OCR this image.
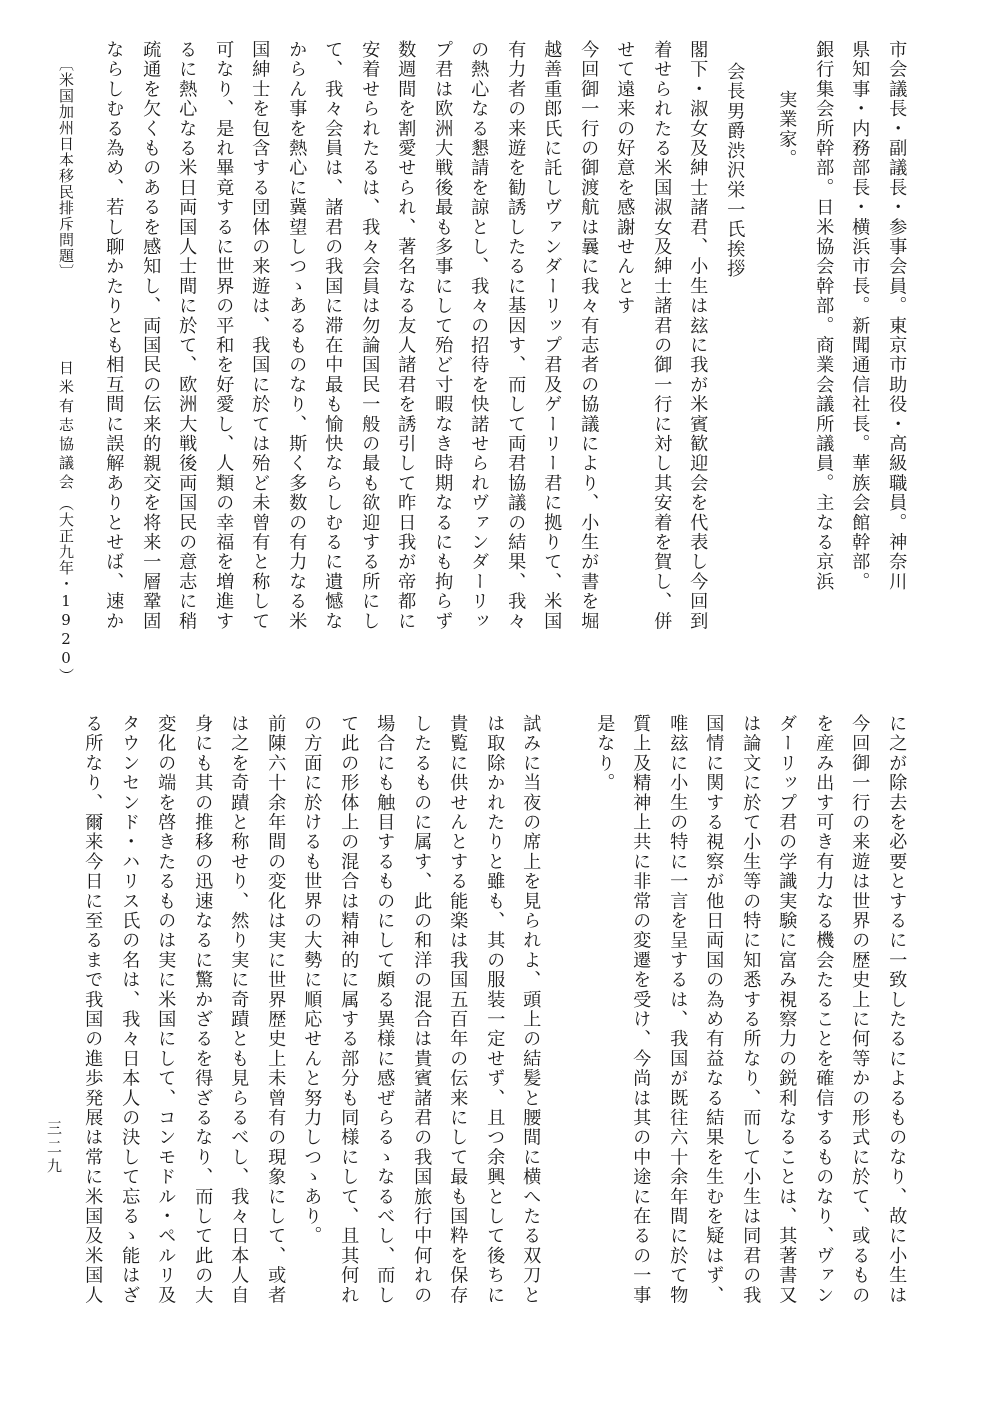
市会議長・副議長・参事会員。東京市助役・高級職員。神奈川
県知事・内務部長・横浜市長。新聞通信社長。華族会館幹部。
銀行集会所幹部。日米協会幹部。商業会議所議員。主なる京浜
実業家。
会長男爵渋沢栄一氏挨拶
閣下・淑女及紳士諸君、小生は玆に我が米賓歓迎会を代表し今回到
着せられたる米国淑女及紳士諸君の御一行に対し其安着を賀し、併
せて遠来の好意を感謝せんとす
今回御一行の御渡航は曩に我々有志者の協議により、小生が書を堀
越善重郎氏に託しヴァンダーリップ君及ゲーリー君に拠りて、米国
有力者の来遊を勧誘したるに基因す、而して両君協議の結果、我々
の熱心なる懇請を諒とし、我々の招待を快諾せられヴァンダーリッ
プ君は欧洲大戦後最も多事にして殆ど寸暇なき時期なるにも拘らず
数週間を割愛せられ、著名なる友人諸君を誘引して昨日我が帝都に
安着せられたるは、我々会員は勿論国民一般の最も欲迎する所にし
て、我々会員は、諸君の我国に滞在中最も愉快ならしむるに遺憾な
からん事を熱心に冀望しつゝあるものなり、斯く多数の有力なる米
国紳士を包含する団体の来遊は、我国に於ては殆ど未曾有と称して
可なり、是れ畢竟するに世界の平和を好愛し、人類の幸福を増進す
るに熱心なる米日両国人士間に於て、欧洲大戦後両国民の意志に稍
疏通を欠くものあるを感知し、両国民の伝来的親交を将来一層鞏固
ならしむる為め、若し聊かたりとも相互間に誤解ありとせば、速か
〔米国加州日本移民排斥問題〕
日米有志協議会
（大正九年・1920）
に之が除去を必要とするに一致したるによるものなり、故に小生は
今回御一行の来遊は世界の歴史上に何等かの形式に於て、或るもの
を産み出す可き有力なる機会たることを確信するものなり、ヴァン
ダーリップ君の学識実験に富み視察力の鋭利なることは、其著書又
は論文に於て小生等の特に知悉する所なり、而して小生は同君の我
国情に関する視察が他日両国の為め有益なる結果を生むを疑はず、
唯玆に小生の特に一言を呈するは、我国が既往六十余年間に於て物
質上及精神上共に非常の変遷を受け、今尚は其の中途に在るの一事
是なり。
試みに当夜の席上を見られよ、頭上の結髪と腰間に横へたる双刀と
は取除かれたりと雖も、其の服装一定せず、且つ余興として後ちに
貴覧に供せんとする能楽は我国五百年の伝来にして最も国粋を保存
したるものに属す、此の和洋の混合は貴賓諸君の我国旅行中何れの
場合にも触目するものにして頗る異様に感ぜらるゝなるべし、而し
て此の形体上の混合は精神的に属する部分も同様にして、且其何れ
の方面に於けるも世界の大勢に順応せんと努力しつゝあり。
前陳六十余年間の変化は実に世界歴史上未曾有の現象にして、或者
は之を奇蹟と称せり、然り実に奇蹟とも見らるべし、我々日本人自
身にも其の推移の迅速なるに驚かざるを得ざるなり、而して此の大
変化の端を啓きたるものは実に米国にして、コンモドル・ペルリ及
タウンセンド・ハリス氏の名は、我々日本人の決して忘るゝ能はざ
る所なり、爾来今日に至るまで我国の進歩発展は常に米国及米国人
三二九
